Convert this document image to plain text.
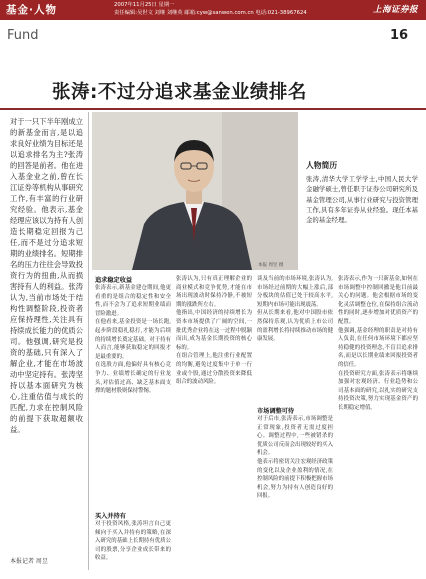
基金·人物	2007年11月25日 星期一
责任编辑:吴世文 刘继 刘继英 邮箱:cyw@sanwen.com.cn 电话:021-38967624	上海证券报
Fund	16
张涛:不过分追求基金业绩排名
对于一只下半年刚成立的新基金而言,是以追求良好业绩为目标还是以追求排名为主?张涛的回答是前者。他在进入基金业之前,曾在长江证券等机构从事研究工作,有丰富的行业研究经验。他表示,基金经理应该以为持有人创造长期稳定回报为己任,而不是过分追求短期的业绩排名。短期排名的压力往往会导致投资行为的扭曲,从而损害持有人的利益。张涛认为,当前市场处于结构性调整阶段,投资者应保持理性,关注具有持续成长能力的优质公司。他强调,研究是投资的基础,只有深入了解企业,才能在市场波动中坚定持有。张涛坚持以基本面研究为核心,注重估值与成长的匹配,力求在控制风险的前提下获取超额收益。
本报记者 周昱
本报 周昱 摄
人物简历
张涛,清华大学工学学士,中国人民大学金融学硕士,曾任职于证券公司研究所及基金管理公司,从事行业研究与投资管理工作,具有多年证券从业经验。现任本基金的基金经理。
追求稳定收益

张涛表示,新基金建仓期间,他更看重的是组合的稳定性和安全性,而不会为了追求短期业绩而冒险激进。

在他看来,基金投资是一场长跑,起步阶段稳扎稳打,才能为后续的持续增长奠定基础。对于持有人而言,能够获取稳定的回报才是最重要的。

在选股方面,他偏好具有核心竞争力、业绩增长确定的行业龙头,对估值过高、缺乏基本面支撑的题材股则保持警惕。

买入并持有

对于投资风格,张涛坦言自己更倾向于买入并持有的策略,在深入研究的基础上长期持有优质公司的股票,分享企业成长带来的收益。

张涛认为,只有真正理解企业的商业模式和竞争优势,才能在市场出现波动时保持冷静,不被短期的涨跌所左右。

他指出,中国经济的持续增长为资本市场提供了广阔的空间,一批优秀企业将在这一过程中脱颖而出,成为基金长期投资的核心标的。

在组合管理上,他注重行业配置的均衡,避免过度集中于单一行业或个股,通过分散投资来降低组合的波动风险。

谈及当前的市场环境,张涛认为,市场经过前期的大幅上涨后,部分板块的估值已处于较高水平,短期内市场可能出现震荡。

但从长期来看,他对中国股市依然保持乐观,认为优质上市公司的盈利增长将持续推动市场的健康发展。

市场调整可待

对于后市,张涛表示,市场调整是正常现象,投资者无需过度担心。调整过程中,一些被错杀的优质公司反而会出现较好的买入机会。

他表示将密切关注宏观经济政策的变化以及企业盈利的情况,在控制风险的前提下积极把握市场机会,努力为持有人创造良好的回报。

张涛表示,作为一只新基金,如何在市场调整中控制回撤是他目前最关心的问题。他会根据市场的变化灵活调整仓位,在保持组合流动性的同时,逐步增加对优质资产的配置。

他强调,基金经理的职责是对持有人负责,在任何市场环境下都应坚持稳健的投资理念,不盲目追求排名,而是以长期业绩来回报投资者的信任。

在投资研究方面,张涛表示将继续加强对宏观经济、行业趋势和公司基本面的研究,以扎实的研究支持投资决策,努力实现基金资产的长期稳定增值。
